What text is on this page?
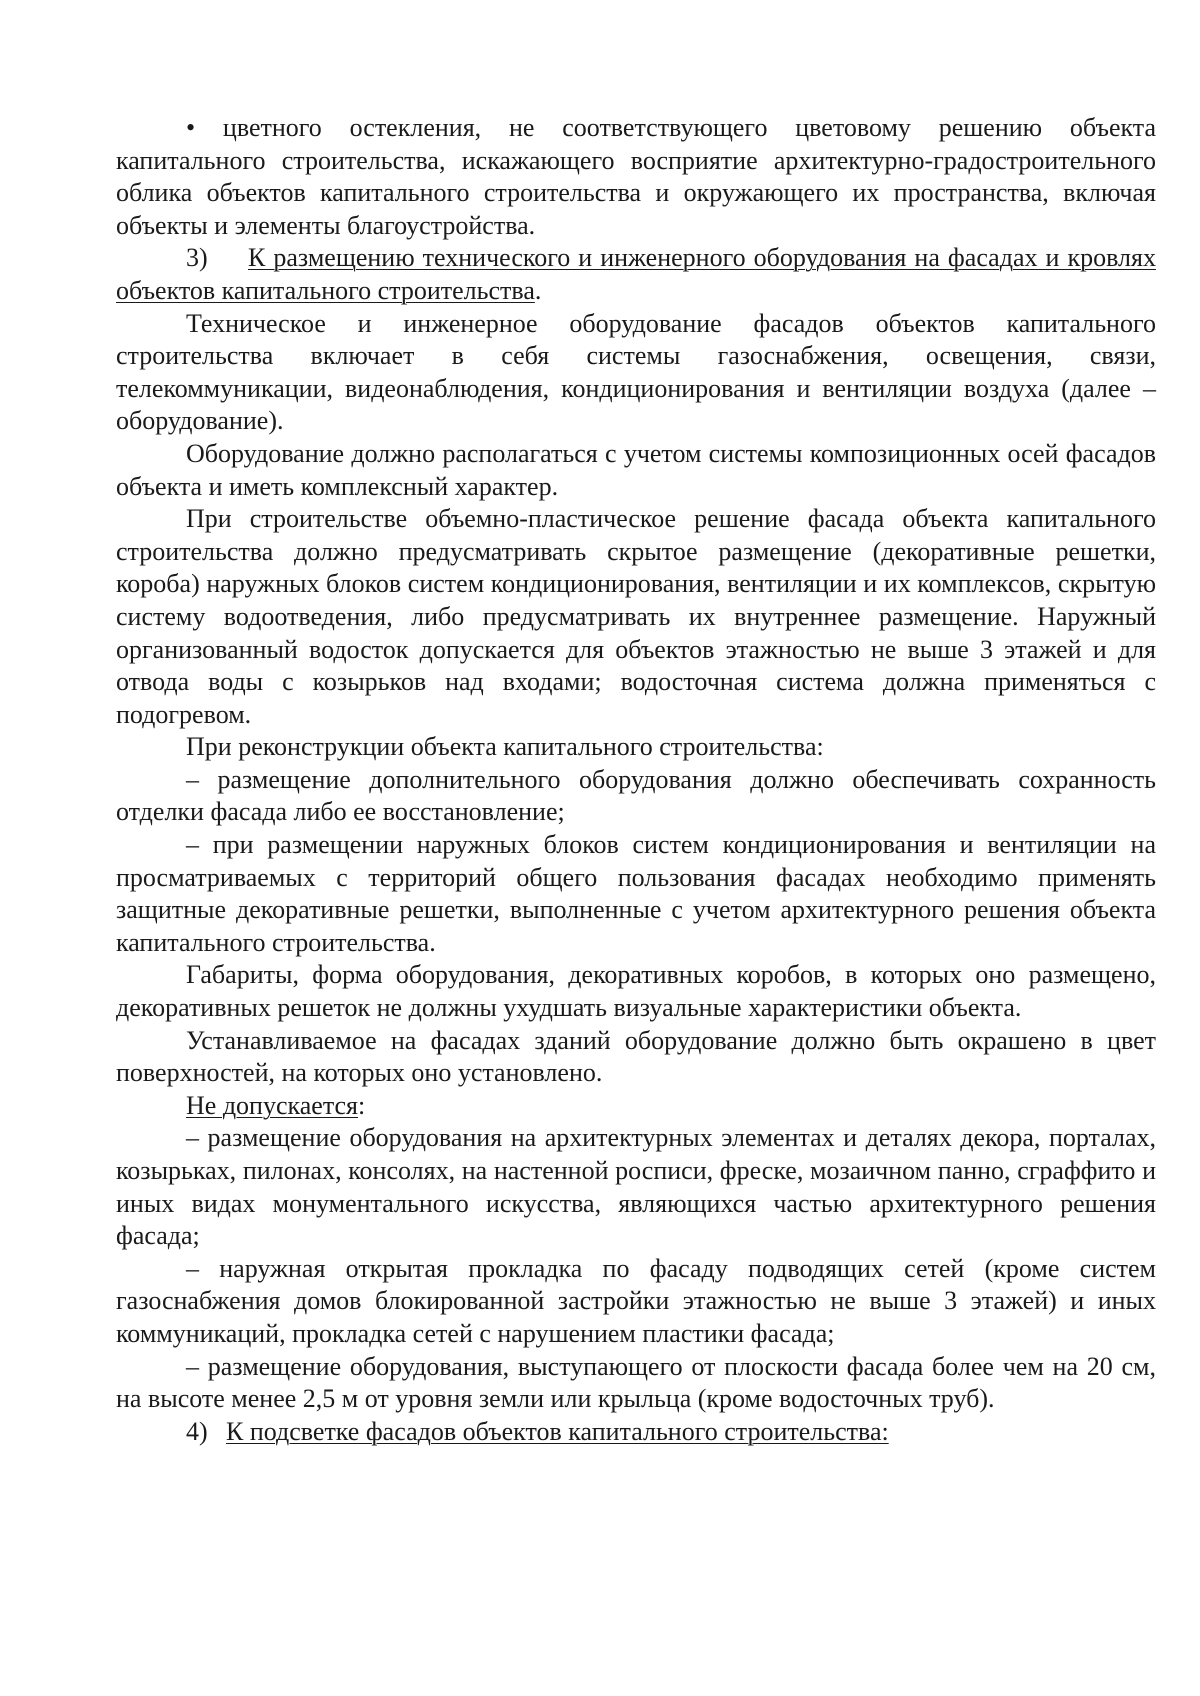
• цветного остекления, не соответствующего цветовому решению объекта капитального строительства, искажающего восприятие архитектурно-градостроительного облика объектов капитального строительства и окружающего их пространства, включая объекты и элементы благоустройства.

3) К размещению технического и инженерного оборудования на фасадах и кровлях объектов капитального строительства.

Техническое и инженерное оборудование фасадов объектов капитального строительства включает в себя системы газоснабжения, освещения, связи, телекоммуникации, видеонаблюдения, кондиционирования и вентиляции воздуха (далее – оборудование).

Оборудование должно располагаться с учетом системы композиционных осей фасадов объекта и иметь комплексный характер.

При строительстве объемно-пластическое решение фасада объекта капитального строительства должно предусматривать скрытое размещение (декоративные решетки, короба) наружных блоков систем кондиционирования, вентиляции и их комплексов, скрытую систему водоотведения, либо предусматривать их внутреннее размещение. Наружный организованный водосток допускается для объектов этажностью не выше 3 этажей и для отвода воды с козырьков над входами; водосточная система должна применяться с подогревом.

При реконструкции объекта капитального строительства:

– размещение дополнительного оборудования должно обеспечивать сохранность отделки фасада либо ее восстановление;

– при размещении наружных блоков систем кондиционирования и вентиляции на просматриваемых с территорий общего пользования фасадах необходимо применять защитные декоративные решетки, выполненные с учетом архитектурного решения объекта капитального строительства.

Габариты, форма оборудования, декоративных коробов, в которых оно размещено, декоративных решеток не должны ухудшать визуальные характеристики объекта.

Устанавливаемое на фасадах зданий оборудование должно быть окрашено в цвет поверхностей, на которых оно установлено.

Не допускается:

– размещение оборудования на архитектурных элементах и деталях декора, порталах, козырьках, пилонах, консолях, на настенной росписи, фреске, мозаичном панно, сграффито и иных видах монументального искусства, являющихся частью архитектурного решения фасада;

– наружная открытая прокладка по фасаду подводящих сетей (кроме систем газоснабжения домов блокированной застройки этажностью не выше 3 этажей) и иных коммуникаций, прокладка сетей с нарушением пластики фасада;

– размещение оборудования, выступающего от плоскости фасада более чем на 20 см, на высоте менее 2,5 м от уровня земли или крыльца (кроме водосточных труб).

4) К подсветке фасадов объектов капитального строительства:
